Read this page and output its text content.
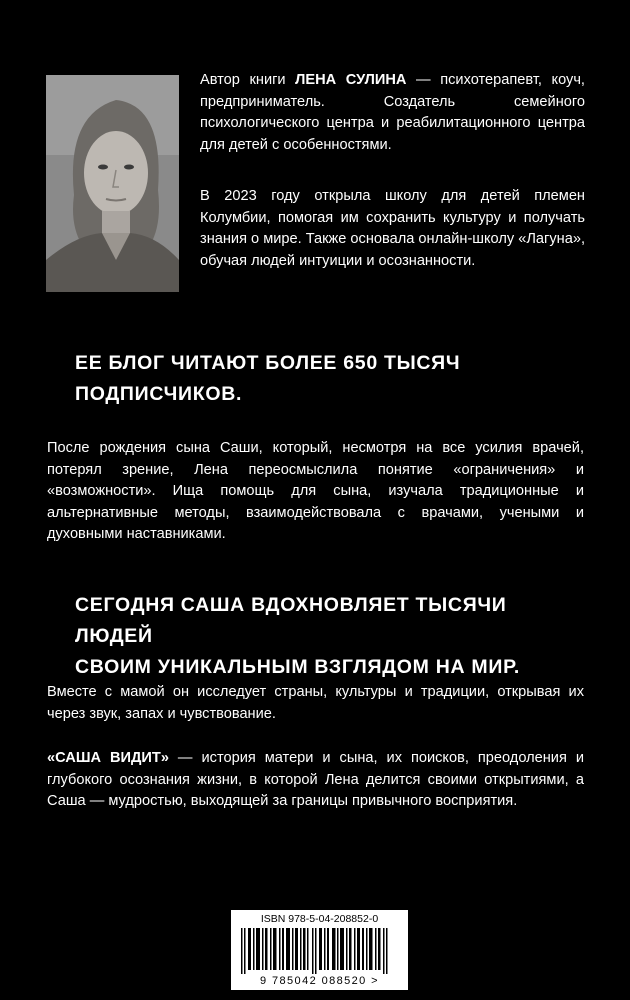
Автор книги ЛЕНА СУЛИНА — психотерапевт, коуч, предприниматель. Создатель семейного психологического центра и реабилитационного центра для детей с особенностями.

В 2023 году открыла школу для детей племен Колумбии, помогая им сохранить культуру и получать знания о мире. Также основала онлайн-школу «Лагуна», обучая людей интуиции и осознанности.

ЕЕ БЛОГ ЧИТАЮТ БОЛЕЕ 650 ТЫСЯЧ
ПОДПИСЧИКОВ.

После рождения сына Саши, который, несмотря на все усилия врачей, потерял зрение, Лена переосмыслила понятие «ограничения» и «возможности». Ища помощь для сына, изучала традиционные и альтернативные методы, взаимодействовала с врачами, учеными и духовными наставниками.

СЕГОДНЯ САША ВДОХНОВЛЯЕТ ТЫСЯЧИ ЛЮДЕЙ
СВОИМ УНИКАЛЬНЫМ ВЗГЛЯДОМ НА МИР.

Вместе с мамой он исследует страны, культуры и традиции, открывая их через звук, запах и чувствование.

«САША ВИДИТ» — история матери и сына, их поисков, преодоления и глубокого осознания жизни, в которой Лена делится своими открытиями, а Саша — мудростью, выходящей за границы привычного восприятия.

ISBN 978-5-04-208852-0
9 785042 088520 >
